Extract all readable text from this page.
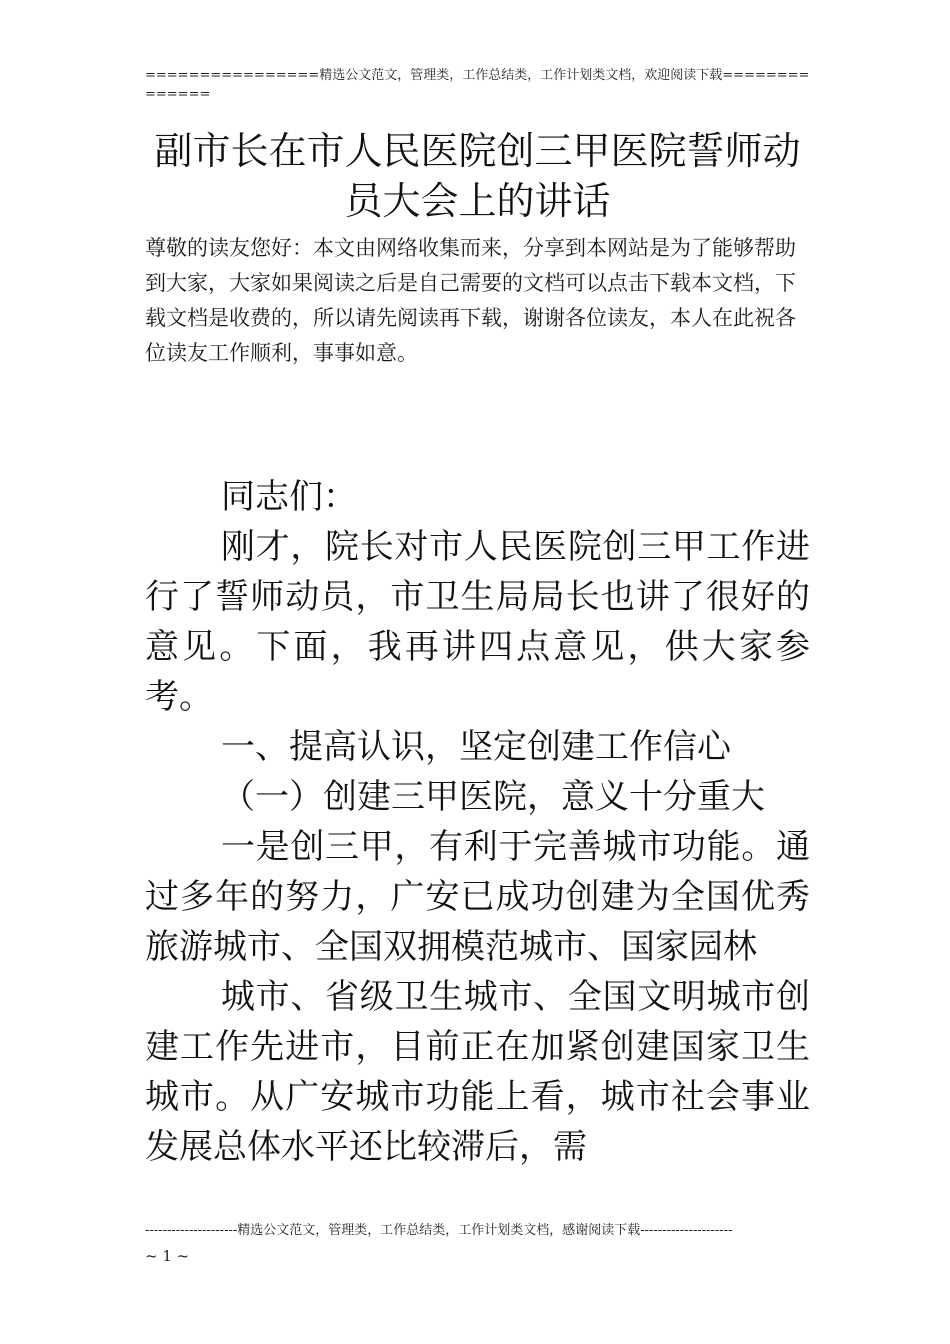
================精选公文范文，管理类，工作总结类，工作计划类文档，欢迎阅读下载==============
副市长在市人民医院创三甲医院誓师动员大会上的讲话
尊敬的读友您好：本文由网络收集而来，分享到本网站是为了能够帮助到大家，大家如果阅读之后是自己需要的文档可以点击下载本文档，下载文档是收费的，所以请先阅读再下载，谢谢各位读友，本人在此祝各位读友工作顺利，事事如意。

同志们：

刚才，院长对市人民医院创三甲工作进行了誓师动员，市卫生局局长也讲了很好的意见。下面，我再讲四点意见，供大家参考。

一、提高认识，坚定创建工作信心

（一）创建三甲医院，意义十分重大

一是创三甲，有利于完善城市功能。通过多年的努力，广安已成功创建为全国优秀旅游城市、全国双拥模范城市、国家园林

城市、省级卫生城市、全国文明城市创建工作先进市，目前正在加紧创建国家卫生城市。从广安城市功能上看，城市社会事业发展总体水平还比较滞后，需

---------------------精选公文范文，管理类，工作总结类，工作计划类文档，感谢阅读下载---------------------
~ 1 ~
